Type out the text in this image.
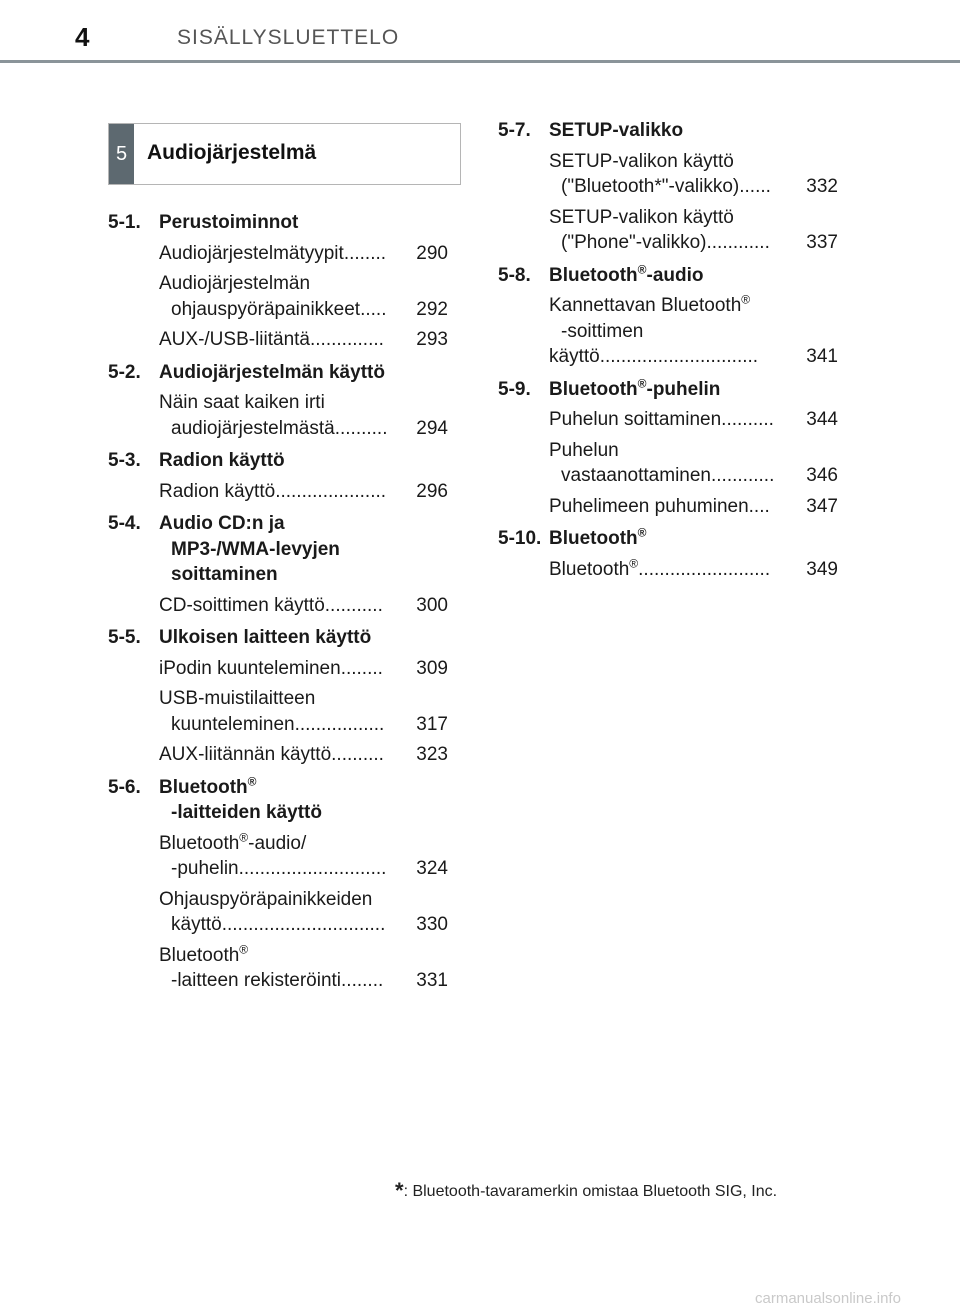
4	SISÄLLYSLUETTELO
5 Audiojärjestelmä
5-1. Perustoiminnot
Audiojärjestelmätyypit ........	290
Audiojärjestelmän
ohjauspyöräpainikkeet .....	292
AUX-/USB-liitäntä ..............	293
5-2. Audiojärjestelmän käyttö
Näin saat kaiken irti
audiojärjestelmästä ..........	294
5-3. Radion käyttö
Radion käyttö .....................	296
5-4. Audio CD:n ja
MP3-/WMA-levyjen
soittaminen
CD-soittimen käyttö ...........	300
5-5. Ulkoisen laitteen käyttö
iPodin kuunteleminen ........	309
USB-muistilaitteen
kuunteleminen .................	317
AUX-liitännän käyttö ..........	323
5-6. Bluetooth®
-laitteiden käyttö
Bluetooth®-audio/
-puhelin ............................	324
Ohjauspyöräpainikkeiden
käyttö ...............................	330
Bluetooth®
-laitteen rekisteröinti ........	331
5-7. SETUP-valikko
SETUP-valikon käyttö
("Bluetooth*"-valikko) ......	332
SETUP-valikon käyttö
("Phone"-valikko) ............	337
5-8. Bluetooth®-audio
Kannettavan Bluetooth®
-soittimen
käyttö ..............................	341
5-9. Bluetooth®-puhelin
Puhelun soittaminen ..........	344
Puhelun
vastaanottaminen ............	346
Puhelimeen puhuminen ....	347
5-10. Bluetooth®
Bluetooth® .........................	349
*: Bluetooth-tavaramerkin omistaa Bluetooth SIG, Inc.
carmanualsonline.info
